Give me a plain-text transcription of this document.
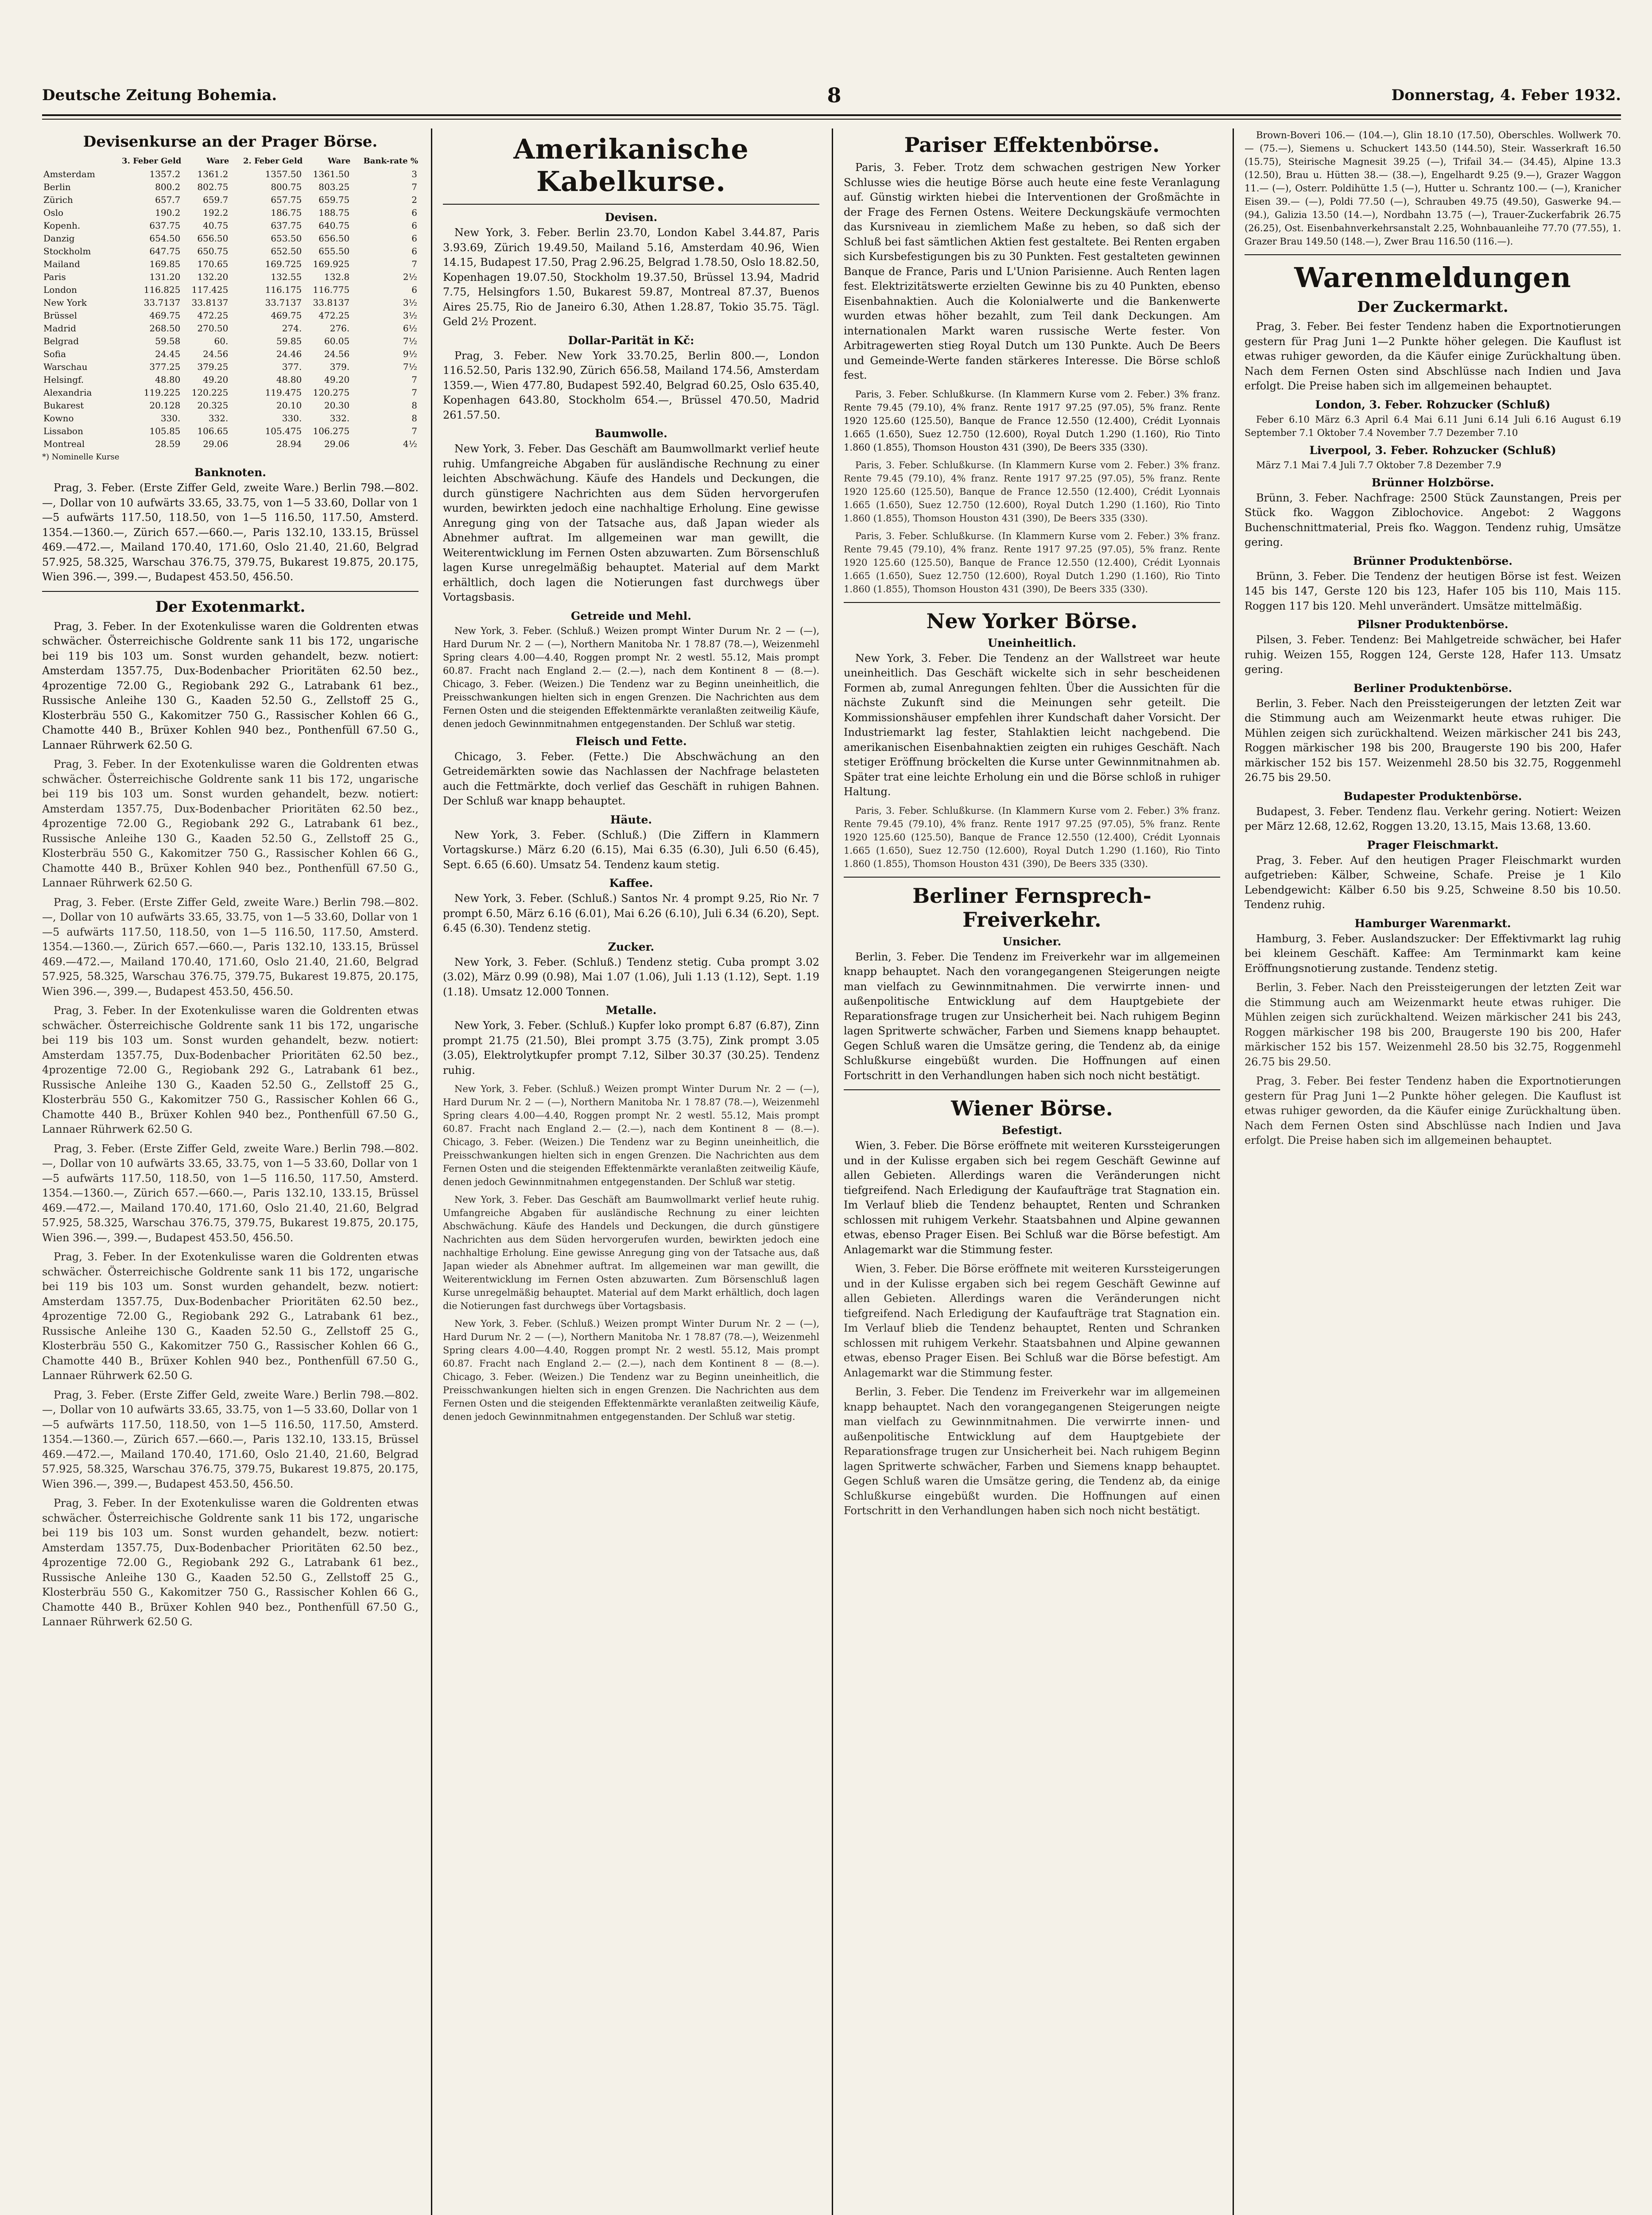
Deutsche Zeitung Bohemia.	8	Donnerstag, 4. Feber 1932.
Devisenkurse an der Prager Börse.
	3. Feber Geld	Ware	2. Feber Geld	Ware	Bank-rate %
Amsterdam	1357.2	1361.2	1357.50	1361.50	3
Berlin	800.2	802.75	800.75	803.25	7
Zürich	657.7	659.7	657.75	659.75	2
Oslo	190.2	192.2	186.75	188.75	6
Kopenh.	637.75	40.75	637.75	640.75	6
Danzig	654.50	656.50	653.50	656.50	6
Stockholm	647.75	650.75	652.50	655.50	6
Mailand	169.85	170.65	169.725	169.925	7
Paris	131.20	132.20	132.55	132.8	2½
London	116.825	117.425	116.175	116.775	6
New York	33.7137	33.8137	33.7137	33.8137	3½
Brüssel	469.75	472.25	469.75	472.25	3½
Madrid	268.50	270.50	274.	276.	6½
Belgrad	59.58	60.	59.85	60.05	7½
Sofia	24.45	24.56	24.46	24.56	9½
Warschau	377.25	379.25	377.	379.	7½
Helsingf.	48.80	49.20	48.80	49.20	7
Alexandria	119.225	120.225	119.475	120.275	7
Bukarest	20.128	20.325	20.10	20.30	8
Kowno	330.	332.	330.	332.	8
Lissabon	105.85	106.65	105.475	106.275	7
Montreal	28.59	29.06	28.94	29.06	4½
*) Nominelle Kurse
Banknoten.

Prag, 3. Feber. (Erste Ziffer Geld, zweite Ware.) Berlin 798.—802.—, Dollar von 10 aufwärts 33.65, 33.75, von 1—5 33.60, Dollar von 1—5 aufwärts 117.50, 118.50, von 1—5 116.50, 117.50, Amsterd. 1354.—1360.—, Zürich 657.—660.—, Paris 132.10, 133.15, Brüssel 469.—472.—, Mailand 170.40, 171.60, Oslo 21.40, 21.60, Belgrad 57.925, 58.325, Warschau 376.75, 379.75, Bukarest 19.875, 20.175, Wien 396.—, 399.—, Budapest 453.50, 456.50.

Der Exotenmarkt.

Prag, 3. Feber. In der Exotenkulisse waren die Goldrenten etwas schwächer. Österreichische Goldrente sank 11 bis 172, ungarische bei 119 bis 103 um. Sonst wurden gehandelt, bezw. notiert: Amsterdam 1357.75, Dux-Bodenbacher Prioritäten 62.50 bez., 4prozentige 72.00 G., Regiobank 292 G., Latrabank 61 bez., Russische Anleihe 130 G., Kaaden 52.50 G., Zellstoff 25 G., Klosterbräu 550 G., Kakomitzer 750 G., Rassischer Kohlen 66 G., Chamotte 440 B., Brüxer Kohlen 940 bez., Ponthenfüll 67.50 G., Lannaer Rührwerk 62.50 G.

Prag, 3. Feber. In der Exotenkulisse waren die Goldrenten etwas schwächer. Österreichische Goldrente sank 11 bis 172, ungarische bei 119 bis 103 um. Sonst wurden gehandelt, bezw. notiert: Amsterdam 1357.75, Dux-Bodenbacher Prioritäten 62.50 bez., 4prozentige 72.00 G., Regiobank 292 G., Latrabank 61 bez., Russische Anleihe 130 G., Kaaden 52.50 G., Zellstoff 25 G., Klosterbräu 550 G., Kakomitzer 750 G., Rassischer Kohlen 66 G., Chamotte 440 B., Brüxer Kohlen 940 bez., Ponthenfüll 67.50 G., Lannaer Rührwerk 62.50 G.

Prag, 3. Feber. (Erste Ziffer Geld, zweite Ware.) Berlin 798.—802.—, Dollar von 10 aufwärts 33.65, 33.75, von 1—5 33.60, Dollar von 1—5 aufwärts 117.50, 118.50, von 1—5 116.50, 117.50, Amsterd. 1354.—1360.—, Zürich 657.—660.—, Paris 132.10, 133.15, Brüssel 469.—472.—, Mailand 170.40, 171.60, Oslo 21.40, 21.60, Belgrad 57.925, 58.325, Warschau 376.75, 379.75, Bukarest 19.875, 20.175, Wien 396.—, 399.—, Budapest 453.50, 456.50.

Prag, 3. Feber. In der Exotenkulisse waren die Goldrenten etwas schwächer. Österreichische Goldrente sank 11 bis 172, ungarische bei 119 bis 103 um. Sonst wurden gehandelt, bezw. notiert: Amsterdam 1357.75, Dux-Bodenbacher Prioritäten 62.50 bez., 4prozentige 72.00 G., Regiobank 292 G., Latrabank 61 bez., Russische Anleihe 130 G., Kaaden 52.50 G., Zellstoff 25 G., Klosterbräu 550 G., Kakomitzer 750 G., Rassischer Kohlen 66 G., Chamotte 440 B., Brüxer Kohlen 940 bez., Ponthenfüll 67.50 G., Lannaer Rührwerk 62.50 G.

Prag, 3. Feber. (Erste Ziffer Geld, zweite Ware.) Berlin 798.—802.—, Dollar von 10 aufwärts 33.65, 33.75, von 1—5 33.60, Dollar von 1—5 aufwärts 117.50, 118.50, von 1—5 116.50, 117.50, Amsterd. 1354.—1360.—, Zürich 657.—660.—, Paris 132.10, 133.15, Brüssel 469.—472.—, Mailand 170.40, 171.60, Oslo 21.40, 21.60, Belgrad 57.925, 58.325, Warschau 376.75, 379.75, Bukarest 19.875, 20.175, Wien 396.—, 399.—, Budapest 453.50, 456.50.

Prag, 3. Feber. In der Exotenkulisse waren die Goldrenten etwas schwächer. Österreichische Goldrente sank 11 bis 172, ungarische bei 119 bis 103 um. Sonst wurden gehandelt, bezw. notiert: Amsterdam 1357.75, Dux-Bodenbacher Prioritäten 62.50 bez., 4prozentige 72.00 G., Regiobank 292 G., Latrabank 61 bez., Russische Anleihe 130 G., Kaaden 52.50 G., Zellstoff 25 G., Klosterbräu 550 G., Kakomitzer 750 G., Rassischer Kohlen 66 G., Chamotte 440 B., Brüxer Kohlen 940 bez., Ponthenfüll 67.50 G., Lannaer Rührwerk 62.50 G.

Prag, 3. Feber. (Erste Ziffer Geld, zweite Ware.) Berlin 798.—802.—, Dollar von 10 aufwärts 33.65, 33.75, von 1—5 33.60, Dollar von 1—5 aufwärts 117.50, 118.50, von 1—5 116.50, 117.50, Amsterd. 1354.—1360.—, Zürich 657.—660.—, Paris 132.10, 133.15, Brüssel 469.—472.—, Mailand 170.40, 171.60, Oslo 21.40, 21.60, Belgrad 57.925, 58.325, Warschau 376.75, 379.75, Bukarest 19.875, 20.175, Wien 396.—, 399.—, Budapest 453.50, 456.50.

Prag, 3. Feber. In der Exotenkulisse waren die Goldrenten etwas schwächer. Österreichische Goldrente sank 11 bis 172, ungarische bei 119 bis 103 um. Sonst wurden gehandelt, bezw. notiert: Amsterdam 1357.75, Dux-Bodenbacher Prioritäten 62.50 bez., 4prozentige 72.00 G., Regiobank 292 G., Latrabank 61 bez., Russische Anleihe 130 G., Kaaden 52.50 G., Zellstoff 25 G., Klosterbräu 550 G., Kakomitzer 750 G., Rassischer Kohlen 66 G., Chamotte 440 B., Brüxer Kohlen 940 bez., Ponthenfüll 67.50 G., Lannaer Rührwerk 62.50 G.

Amerikanische Kabelkurse.
Devisen.

New York, 3. Feber. Berlin 23.70, London Kabel 3.44.87, Paris 3.93.69, Zürich 19.49.50, Mailand 5.16, Amsterdam 40.96, Wien 14.15, Budapest 17.50, Prag 2.96.25, Belgrad 1.78.50, Oslo 18.82.50, Kopenhagen 19.07.50, Stockholm 19.37.50, Brüssel 13.94, Madrid 7.75, Helsingfors 1.50, Bukarest 59.87, Montreal 87.37, Buenos Aires 25.75, Rio de Janeiro 6.30, Athen 1.28.87, Tokio 35.75. Tägl. Geld 2½ Prozent.

Dollar-Parität in Kč:

Prag, 3. Feber. New York 33.70.25, Berlin 800.—, London 116.52.50, Paris 132.90, Zürich 656.58, Mailand 174.56, Amsterdam 1359.—, Wien 477.80, Budapest 592.40, Belgrad 60.25, Oslo 635.40, Kopenhagen 643.80, Stockholm 654.—, Brüssel 470.50, Madrid 261.57.50.

Baumwolle.

New York, 3. Feber. Das Geschäft am Baumwollmarkt verlief heute ruhig. Umfangreiche Abgaben für ausländische Rechnung zu einer leichten Abschwächung. Käufe des Handels und Deckungen, die durch günstigere Nachrichten aus dem Süden hervorgerufen wurden, bewirkten jedoch eine nachhaltige Erholung. Eine gewisse Anregung ging von der Tatsache aus, daß Japan wieder als Abnehmer auftrat. Im allgemeinen war man gewillt, die Weiterentwicklung im Fernen Osten abzuwarten. Zum Börsenschluß lagen Kurse unregelmäßig behauptet. Material auf dem Markt erhältlich, doch lagen die Notierungen fast durchwegs über Vortagsbasis.

Getreide und Mehl.

New York, 3. Feber. (Schluß.) Weizen prompt Winter Durum Nr. 2 — (—), Hard Durum Nr. 2 — (—), Northern Manitoba Nr. 1 78.87 (78.—), Weizenmehl Spring clears 4.00—4.40, Roggen prompt Nr. 2 westl. 55.12, Mais prompt 60.87. Fracht nach England 2.— (2.—), nach dem Kontinent 8 — (8.—). Chicago, 3. Feber. (Weizen.) Die Tendenz war zu Beginn uneinheitlich, die Preisschwankungen hielten sich in engen Grenzen. Die Nachrichten aus dem Fernen Osten und die steigenden Effektenmärkte veranlaßten zeitweilig Käufe, denen jedoch Gewinnmitnahmen entgegenstanden. Der Schluß war stetig.

Fleisch und Fette.

Chicago, 3. Feber. (Fette.) Die Abschwächung an den Getreidemärkten sowie das Nachlassen der Nachfrage belasteten auch die Fettmärkte, doch verlief das Geschäft in ruhigen Bahnen. Der Schluß war knapp behauptet.

Häute.

New York, 3. Feber. (Schluß.) (Die Ziffern in Klammern Vortagskurse.) März 6.20 (6.15), Mai 6.35 (6.30), Juli 6.50 (6.45), Sept. 6.65 (6.60). Umsatz 54. Tendenz kaum stetig.

Kaffee.

New York, 3. Feber. (Schluß.) Santos Nr. 4 prompt 9.25, Rio Nr. 7 prompt 6.50, März 6.16 (6.01), Mai 6.26 (6.10), Juli 6.34 (6.20), Sept. 6.45 (6.30). Tendenz stetig.

Zucker.

New York, 3. Feber. (Schluß.) Tendenz stetig. Cuba prompt 3.02 (3.02), März 0.99 (0.98), Mai 1.07 (1.06), Juli 1.13 (1.12), Sept. 1.19 (1.18). Umsatz 12.000 Tonnen.

Metalle.

New York, 3. Feber. (Schluß.) Kupfer loko prompt 6.87 (6.87), Zinn prompt 21.75 (21.50), Blei prompt 3.75 (3.75), Zink prompt 3.05 (3.05), Elektrolytkupfer prompt 7.12, Silber 30.37 (30.25). Tendenz ruhig.

New York, 3. Feber. (Schluß.) Weizen prompt Winter Durum Nr. 2 — (—), Hard Durum Nr. 2 — (—), Northern Manitoba Nr. 1 78.87 (78.—), Weizenmehl Spring clears 4.00—4.40, Roggen prompt Nr. 2 westl. 55.12, Mais prompt 60.87. Fracht nach England 2.— (2.—), nach dem Kontinent 8 — (8.—). Chicago, 3. Feber. (Weizen.) Die Tendenz war zu Beginn uneinheitlich, die Preisschwankungen hielten sich in engen Grenzen. Die Nachrichten aus dem Fernen Osten und die steigenden Effektenmärkte veranlaßten zeitweilig Käufe, denen jedoch Gewinnmitnahmen entgegenstanden. Der Schluß war stetig.

New York, 3. Feber. Das Geschäft am Baumwollmarkt verlief heute ruhig. Umfangreiche Abgaben für ausländische Rechnung zu einer leichten Abschwächung. Käufe des Handels und Deckungen, die durch günstigere Nachrichten aus dem Süden hervorgerufen wurden, bewirkten jedoch eine nachhaltige Erholung. Eine gewisse Anregung ging von der Tatsache aus, daß Japan wieder als Abnehmer auftrat. Im allgemeinen war man gewillt, die Weiterentwicklung im Fernen Osten abzuwarten. Zum Börsenschluß lagen Kurse unregelmäßig behauptet. Material auf dem Markt erhältlich, doch lagen die Notierungen fast durchwegs über Vortagsbasis.

New York, 3. Feber. (Schluß.) Weizen prompt Winter Durum Nr. 2 — (—), Hard Durum Nr. 2 — (—), Northern Manitoba Nr. 1 78.87 (78.—), Weizenmehl Spring clears 4.00—4.40, Roggen prompt Nr. 2 westl. 55.12, Mais prompt 60.87. Fracht nach England 2.— (2.—), nach dem Kontinent 8 — (8.—). Chicago, 3. Feber. (Weizen.) Die Tendenz war zu Beginn uneinheitlich, die Preisschwankungen hielten sich in engen Grenzen. Die Nachrichten aus dem Fernen Osten und die steigenden Effektenmärkte veranlaßten zeitweilig Käufe, denen jedoch Gewinnmitnahmen entgegenstanden. Der Schluß war stetig.

Pariser Effektenbörse.

Paris, 3. Feber. Trotz dem schwachen gestrigen New Yorker Schlusse wies die heutige Börse auch heute eine feste Veranlagung auf. Günstig wirkten hiebei die Interventionen der Großmächte in der Frage des Fernen Ostens. Weitere Deckungskäufe vermochten das Kursniveau in ziemlichem Maße zu heben, so daß sich der Schluß bei fast sämtlichen Aktien fest gestaltete. Bei Renten ergaben sich Kursbefestigungen bis zu 30 Punkten. Fest gestalteten gewinnen Banque de France, Paris und L'Union Parisienne. Auch Renten lagen fest. Elektrizitätswerte erzielten Gewinne bis zu 40 Punkten, ebenso Eisenbahnaktien. Auch die Kolonialwerte und die Bankenwerte wurden etwas höher bezahlt, zum Teil dank Deckungen. Am internationalen Markt waren russische Werte fester. Von Arbitragewerten stieg Royal Dutch um 130 Punkte. Auch De Beers und Gemeinde-Werte fanden stärkeres Interesse. Die Börse schloß fest.

Paris, 3. Feber. Schlußkurse. (In Klammern Kurse vom 2. Feber.) 3% franz. Rente 79.45 (79.10), 4% franz. Rente 1917 97.25 (97.05), 5% franz. Rente 1920 125.60 (125.50), Banque de France 12.550 (12.400), Crédit Lyonnais 1.665 (1.650), Suez 12.750 (12.600), Royal Dutch 1.290 (1.160), Rio Tinto 1.860 (1.855), Thomson Houston 431 (390), De Beers 335 (330).

Paris, 3. Feber. Schlußkurse. (In Klammern Kurse vom 2. Feber.) 3% franz. Rente 79.45 (79.10), 4% franz. Rente 1917 97.25 (97.05), 5% franz. Rente 1920 125.60 (125.50), Banque de France 12.550 (12.400), Crédit Lyonnais 1.665 (1.650), Suez 12.750 (12.600), Royal Dutch 1.290 (1.160), Rio Tinto 1.860 (1.855), Thomson Houston 431 (390), De Beers 335 (330).

Paris, 3. Feber. Schlußkurse. (In Klammern Kurse vom 2. Feber.) 3% franz. Rente 79.45 (79.10), 4% franz. Rente 1917 97.25 (97.05), 5% franz. Rente 1920 125.60 (125.50), Banque de France 12.550 (12.400), Crédit Lyonnais 1.665 (1.650), Suez 12.750 (12.600), Royal Dutch 1.290 (1.160), Rio Tinto 1.860 (1.855), Thomson Houston 431 (390), De Beers 335 (330).

New Yorker Börse.
Uneinheitlich.

New York, 3. Feber. Die Tendenz an der Wallstreet war heute uneinheitlich. Das Geschäft wickelte sich in sehr bescheidenen Formen ab, zumal Anregungen fehlten. Über die Aussichten für die nächste Zukunft sind die Meinungen sehr geteilt. Die Kommissionshäuser empfehlen ihrer Kundschaft daher Vorsicht. Der Industriemarkt lag fester, Stahlaktien leicht nachgebend. Die amerikanischen Eisenbahnaktien zeigten ein ruhiges Geschäft. Nach stetiger Eröffnung bröckelten die Kurse unter Gewinnmitnahmen ab. Später trat eine leichte Erholung ein und die Börse schloß in ruhiger Haltung.

Paris, 3. Feber. Schlußkurse. (In Klammern Kurse vom 2. Feber.) 3% franz. Rente 79.45 (79.10), 4% franz. Rente 1917 97.25 (97.05), 5% franz. Rente 1920 125.60 (125.50), Banque de France 12.550 (12.400), Crédit Lyonnais 1.665 (1.650), Suez 12.750 (12.600), Royal Dutch 1.290 (1.160), Rio Tinto 1.860 (1.855), Thomson Houston 431 (390), De Beers 335 (330).

Berliner Fernsprech-Freiverkehr.
Unsicher.

Berlin, 3. Feber. Die Tendenz im Freiverkehr war im allgemeinen knapp behauptet. Nach den vorangegangenen Steigerungen neigte man vielfach zu Gewinnmitnahmen. Die verwirrte innen- und außenpolitische Entwicklung auf dem Hauptgebiete der Reparationsfrage trugen zur Unsicherheit bei. Nach ruhigem Beginn lagen Spritwerte schwächer, Farben und Siemens knapp behauptet. Gegen Schluß waren die Umsätze gering, die Tendenz ab, da einige Schlußkurse eingebüßt wurden. Die Hoffnungen auf einen Fortschritt in den Verhandlungen haben sich noch nicht bestätigt.

Wiener Börse.
Befestigt.

Wien, 3. Feber. Die Börse eröffnete mit weiteren Kurssteigerungen und in der Kulisse ergaben sich bei regem Geschäft Gewinne auf allen Gebieten. Allerdings waren die Veränderungen nicht tiefgreifend. Nach Erledigung der Kaufaufträge trat Stagnation ein. Im Verlauf blieb die Tendenz behauptet, Renten und Schranken schlossen mit ruhigem Verkehr. Staatsbahnen und Alpine gewannen etwas, ebenso Prager Eisen. Bei Schluß war die Börse befestigt. Am Anlagemarkt war die Stimmung fester.

Wien, 3. Feber. Die Börse eröffnete mit weiteren Kurssteigerungen und in der Kulisse ergaben sich bei regem Geschäft Gewinne auf allen Gebieten. Allerdings waren die Veränderungen nicht tiefgreifend. Nach Erledigung der Kaufaufträge trat Stagnation ein. Im Verlauf blieb die Tendenz behauptet, Renten und Schranken schlossen mit ruhigem Verkehr. Staatsbahnen und Alpine gewannen etwas, ebenso Prager Eisen. Bei Schluß war die Börse befestigt. Am Anlagemarkt war die Stimmung fester.

Berlin, 3. Feber. Die Tendenz im Freiverkehr war im allgemeinen knapp behauptet. Nach den vorangegangenen Steigerungen neigte man vielfach zu Gewinnmitnahmen. Die verwirrte innen- und außenpolitische Entwicklung auf dem Hauptgebiete der Reparationsfrage trugen zur Unsicherheit bei. Nach ruhigem Beginn lagen Spritwerte schwächer, Farben und Siemens knapp behauptet. Gegen Schluß waren die Umsätze gering, die Tendenz ab, da einige Schlußkurse eingebüßt wurden. Die Hoffnungen auf einen Fortschritt in den Verhandlungen haben sich noch nicht bestätigt.

Brown-Boveri 106.— (104.—), Glin 18.10 (17.50), Oberschles. Wollwerk 70.— (75.—), Siemens u. Schuckert 143.50 (144.50), Steir. Wasserkraft 16.50 (15.75), Steirische Magnesit 39.25 (—), Trifail 34.— (34.45), Alpine 13.3 (12.50), Brau u. Hütten 38.— (38.—), Engelhardt 9.25 (9.—), Grazer Waggon 11.— (—), Osterr. Poldihütte 1.5 (—), Hutter u. Schrantz 100.— (—), Kranicher Eisen 39.— (—), Poldi 77.50 (—), Schrauben 49.75 (49.50), Gaswerke 94.— (94.), Galizia 13.50 (14.—), Nordbahn 13.75 (—), Trauer-Zuckerfabrik 26.75 (26.25), Ost. Eisenbahnverkehrsanstalt 2.25, Wohnbauanleihe 77.70 (77.55), 1. Grazer Brau 149.50 (148.—), Zwer Brau 116.50 (116.—).

Warenmeldungen
Der Zuckermarkt.

Prag, 3. Feber. Bei fester Tendenz haben die Exportnotierungen gestern für Prag Juni 1—2 Punkte höher gelegen. Die Kauflust ist etwas ruhiger geworden, da die Käufer einige Zurückhaltung üben. Nach dem Fernen Osten sind Abschlüsse nach Indien und Java erfolgt. Die Preise haben sich im allgemeinen behauptet.

London, 3. Feber. Rohzucker (Schluß)

Feber 6.10 März 6.3 April 6.4 Mai 6.11 Juni 6.14 Juli 6.16 August 6.19 September 7.1 Oktober 7.4 November 7.7 Dezember 7.10

Liverpool, 3. Feber. Rohzucker (Schluß)

März 7.1 Mai 7.4 Juli 7.7 Oktober 7.8 Dezember 7.9

Brünner Holzbörse.

Brünn, 3. Feber. Nachfrage: 2500 Stück Zaunstangen, Preis per Stück fko. Waggon Ziblochovice. Angebot: 2 Waggons Buchenschnittmaterial, Preis fko. Waggon. Tendenz ruhig, Umsätze gering.

Brünner Produktenbörse.

Brünn, 3. Feber. Die Tendenz der heutigen Börse ist fest. Weizen 145 bis 147, Gerste 120 bis 123, Hafer 105 bis 110, Mais 115. Roggen 117 bis 120. Mehl unverändert. Umsätze mittelmäßig.

Pilsner Produktenbörse.

Pilsen, 3. Feber. Tendenz: Bei Mahlgetreide schwächer, bei Hafer ruhig. Weizen 155, Roggen 124, Gerste 128, Hafer 113. Umsatz gering.

Berliner Produktenbörse.

Berlin, 3. Feber. Nach den Preissteigerungen der letzten Zeit war die Stimmung auch am Weizenmarkt heute etwas ruhiger. Die Mühlen zeigen sich zurückhaltend. Weizen märkischer 241 bis 243, Roggen märkischer 198 bis 200, Braugerste 190 bis 200, Hafer märkischer 152 bis 157. Weizenmehl 28.50 bis 32.75, Roggenmehl 26.75 bis 29.50.

Budapester Produktenbörse.

Budapest, 3. Feber. Tendenz flau. Verkehr gering. Notiert: Weizen per März 12.68, 12.62, Roggen 13.20, 13.15, Mais 13.68, 13.60.

Prager Fleischmarkt.

Prag, 3. Feber. Auf den heutigen Prager Fleischmarkt wurden aufgetrieben: Kälber, Schweine, Schafe. Preise je 1 Kilo Lebendgewicht: Kälber 6.50 bis 9.25, Schweine 8.50 bis 10.50. Tendenz ruhig.

Hamburger Warenmarkt.

Hamburg, 3. Feber. Auslandszucker: Der Effektivmarkt lag ruhig bei kleinem Geschäft. Kaffee: Am Terminmarkt kam keine Eröffnungsnotierung zustande. Tendenz stetig.

Berlin, 3. Feber. Nach den Preissteigerungen der letzten Zeit war die Stimmung auch am Weizenmarkt heute etwas ruhiger. Die Mühlen zeigen sich zurückhaltend. Weizen märkischer 241 bis 243, Roggen märkischer 198 bis 200, Braugerste 190 bis 200, Hafer märkischer 152 bis 157. Weizenmehl 28.50 bis 32.75, Roggenmehl 26.75 bis 29.50.

Prag, 3. Feber. Bei fester Tendenz haben die Exportnotierungen gestern für Prag Juni 1—2 Punkte höher gelegen. Die Kauflust ist etwas ruhiger geworden, da die Käufer einige Zurückhaltung üben. Nach dem Fernen Osten sind Abschlüsse nach Indien und Java erfolgt. Die Preise haben sich im allgemeinen behauptet.
